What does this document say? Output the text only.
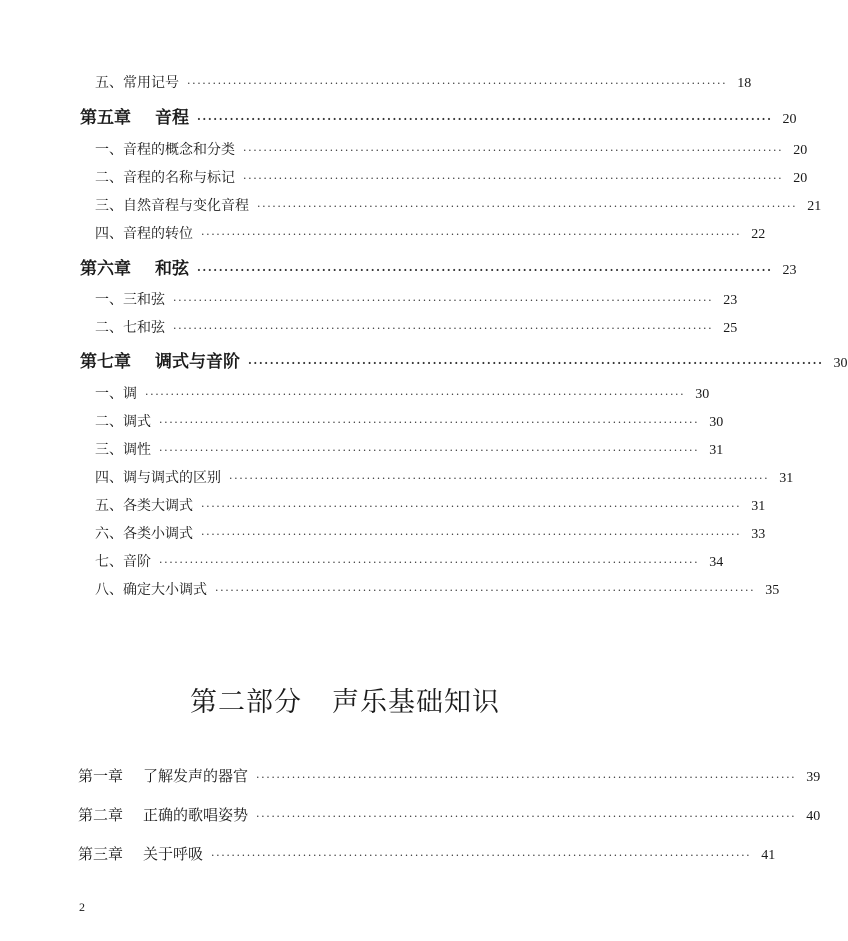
五、常用记号 ·········································································································· 18
第五章 音程 ·········································································································· 20
一、音程的概念和分类 ·········································································································· 20
二、音程的名称与标记 ·········································································································· 20
三、自然音程与变化音程 ·········································································································· 21
四、音程的转位 ·········································································································· 22
第六章 和弦 ·········································································································· 23
一、三和弦 ·········································································································· 23
二、七和弦 ·········································································································· 25
第七章 调式与音阶 ·········································································································· 30
一、调 ·········································································································· 30
二、调式 ·········································································································· 30
三、调性 ·········································································································· 31
四、调与调式的区别 ·········································································································· 31
五、各类大调式 ·········································································································· 31
六、各类小调式 ·········································································································· 33
七、音阶 ·········································································································· 34
八、确定大小调式 ·········································································································· 35
第二部分 声乐基础知识
第一章 了解发声的器官 ·········································································································· 39
第二章 正确的歌唱姿势 ·········································································································· 40
第三章 关于呼吸 ·········································································································· 41
2
